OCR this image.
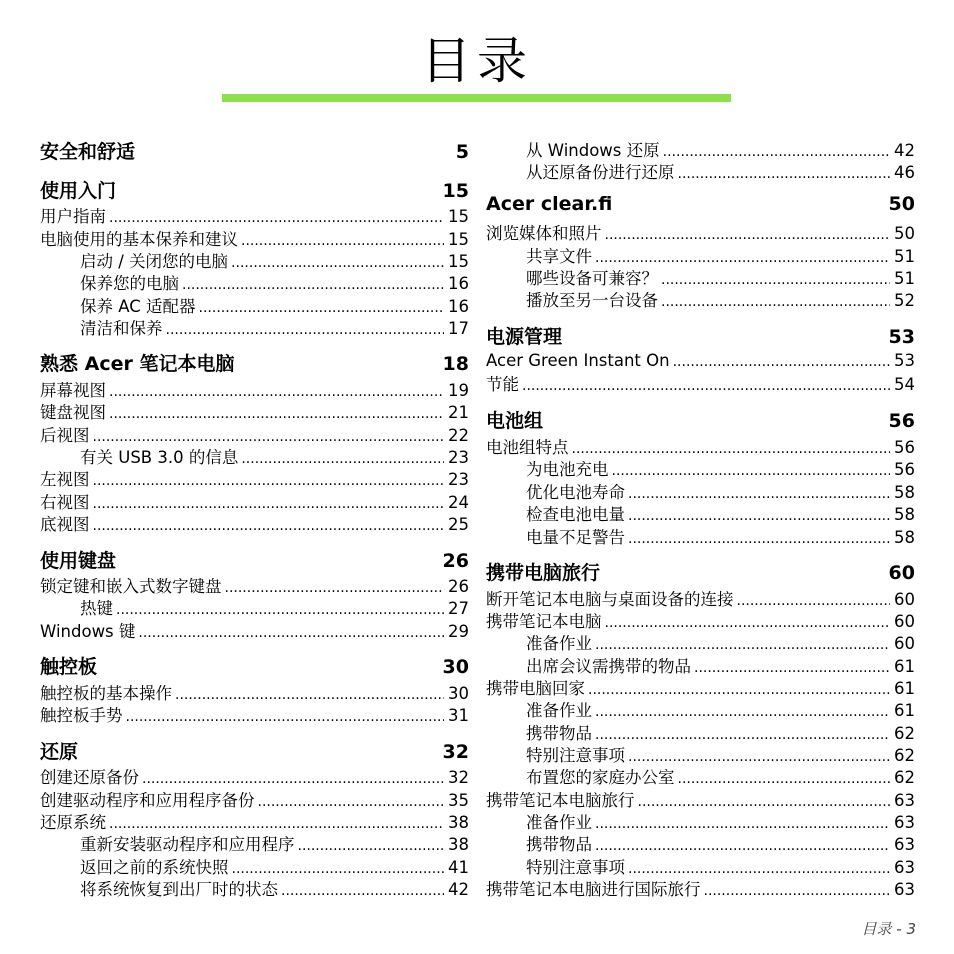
目录
安全和舒适	5
使用入门	15
用户指南 .....	15
电脑使用的基本保养和建议 .....	15
启动 / 关闭您的电脑 .....	15
保养您的电脑 .....	16
保养 AC 适配器 .....	16
清洁和保养 .....	17
熟悉 Acer 笔记本电脑	18
屏幕视图 .....	19
键盘视图 .....	21
后视图 .....	22
有关 USB 3.0 的信息 .....	23
左视图 .....	23
右视图 .....	24
底视图 .....	25
使用键盘	26
锁定键和嵌入式数字键盘 .....	26
热键 .....	27
Windows 键 .....	29
触控板	30
触控板的基本操作 .....	30
触控板手势 .....	31
还原	32
创建还原备份 .....	32
创建驱动程序和应用程序备份 .....	35
还原系统 .....	38
重新安装驱动程序和应用程序 .....	38
返回之前的系统快照 .....	41
将系统恢复到出厂时的状态 .....	42
从 Windows 还原 .....	42
从还原备份进行还原 .....	46
Acer clear.fi	50
浏览媒体和照片 .....	50
共享文件 .....	51
哪些设备可兼容？ .....	51
播放至另一台设备 .....	52
电源管理	53
Acer Green Instant On .....	53
节能 .....	54
电池组	56
电池组特点 .....	56
为电池充电 .....	56
优化电池寿命 .....	58
检查电池电量 .....	58
电量不足警告 .....	58
携带电脑旅行	60
断开笔记本电脑与桌面设备的连接 .....	60
携带笔记本电脑 .....	60
准备作业 .....	60
出席会议需携带的物品 .....	61
携带电脑回家 .....	61
准备作业 .....	61
携带物品 .....	62
特别注意事项 .....	62
布置您的家庭办公室 .....	62
携带笔记本电脑旅行 .....	63
准备作业 .....	63
携带物品 .....	63
特别注意事项 .....	63
携带笔记本电脑进行国际旅行 .....	63
目录 - 3
